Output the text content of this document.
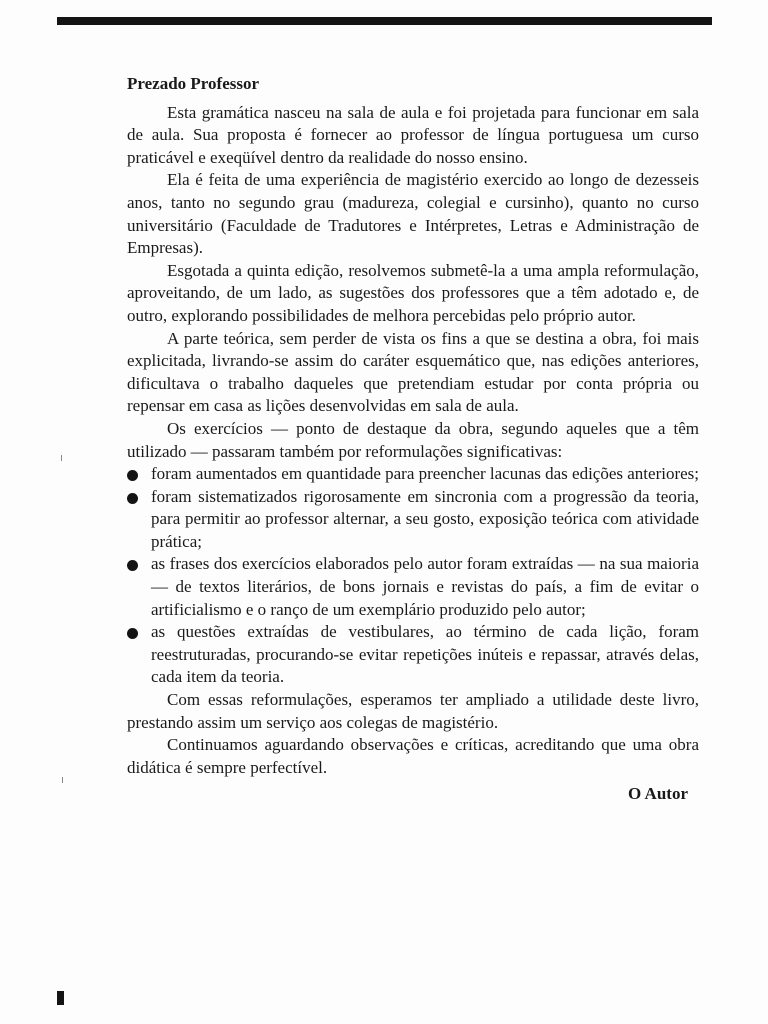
Prezado Professor

Esta gramática nasceu na sala de aula e foi projetada para funcionar em sala de aula. Sua proposta é fornecer ao professor de língua portuguesa um curso praticável e exeqüível dentro da realidade do nosso ensino.

Ela é feita de uma experiência de magistério exercido ao longo de dezesseis anos, tanto no segundo grau (madureza, colegial e cursinho), quanto no curso universitário (Faculdade de Tradutores e Intérpretes, Letras e Administração de Empresas).

Esgotada a quinta edição, resolvemos submetê-la a uma ampla reformulação, aproveitando, de um lado, as sugestões dos professores que a têm adotado e, de outro, explorando possibilidades de melhora percebidas pelo próprio autor.

A parte teórica, sem perder de vista os fins a que se destina a obra, foi mais explicitada, livrando-se assim do caráter esquemático que, nas edições anteriores, dificultava o trabalho daqueles que pretendiam estudar por conta própria ou repensar em casa as lições desenvolvidas em sala de aula.

Os exercícios — ponto de destaque da obra, segundo aqueles que a têm utilizado — passaram também por reformulações significativas:

foram aumentados em quantidade para preencher lacunas das edições anteriores;
foram sistematizados rigorosamente em sincronia com a progressão da teoria, para permitir ao professor alternar, a seu gosto, exposição teórica com atividade prática;
as frases dos exercícios elaborados pelo autor foram extraídas — na sua maioria — de textos literários, de bons jornais e revistas do país, a fim de evitar o artificialismo e o ranço de um exemplário produzido pelo autor;
as questões extraídas de vestibulares, ao término de cada lição, foram reestruturadas, procurando-se evitar repetições inúteis e repassar, através delas, cada item da teoria.

Com essas reformulações, esperamos ter ampliado a utilidade deste livro, prestando assim um serviço aos colegas de magistério.

Continuamos aguardando observações e críticas, acreditando que uma obra didática é sempre perfectível.

O Autor
